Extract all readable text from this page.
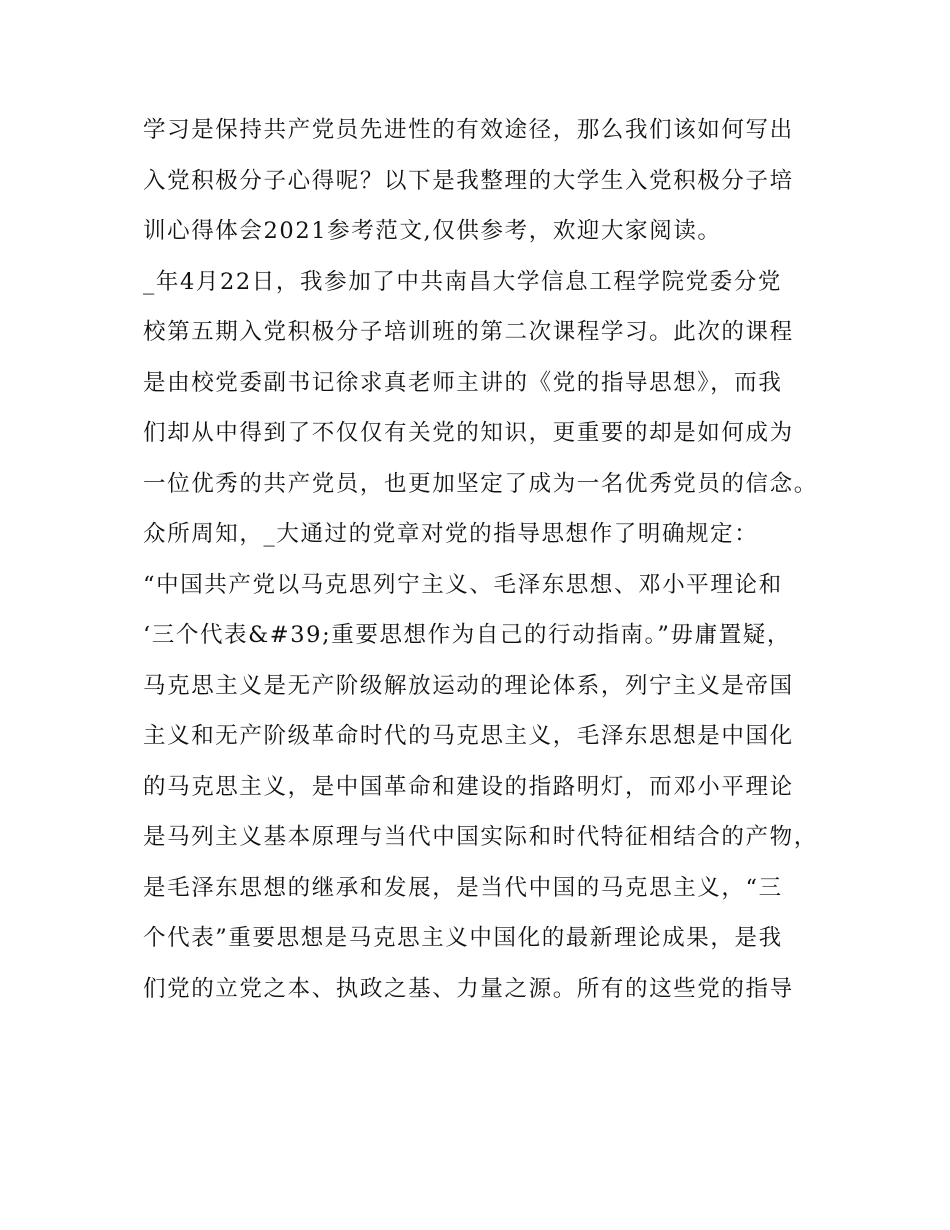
学习是保持共产党员先进性的有效途径，那么我们该如何写出
入党积极分子心得呢？以下是我整理的大学生入党积极分子培
训心得体会2021参考范文,仅供参考，欢迎大家阅读。
_年4月22日，我参加了中共南昌大学信息工程学院党委分党
校第五期入党积极分子培训班的第二次课程学习。此次的课程
是由校党委副书记徐求真老师主讲的《党的指导思想》，而我
们却从中得到了不仅仅有关党的知识，更重要的却是如何成为
一位优秀的共产党员，也更加坚定了成为一名优秀党员的信念。
众所周知，_大通过的党章对党的指导思想作了明确规定：
“中国共产党以马克思列宁主义、毛泽东思想、邓小平理论和
‘三个代表&#39;重要思想作为自己的行动指南。”毋庸置疑，
马克思主义是无产阶级解放运动的理论体系，列宁主义是帝国
主义和无产阶级革命时代的马克思主义，毛泽东思想是中国化
的马克思主义，是中国革命和建设的指路明灯，而邓小平理论
是马列主义基本原理与当代中国实际和时代特征相结合的产物，
是毛泽东思想的继承和发展，是当代中国的马克思主义，“三
个代表”重要思想是马克思主义中国化的最新理论成果，是我
们党的立党之本、执政之基、力量之源。所有的这些党的指导
